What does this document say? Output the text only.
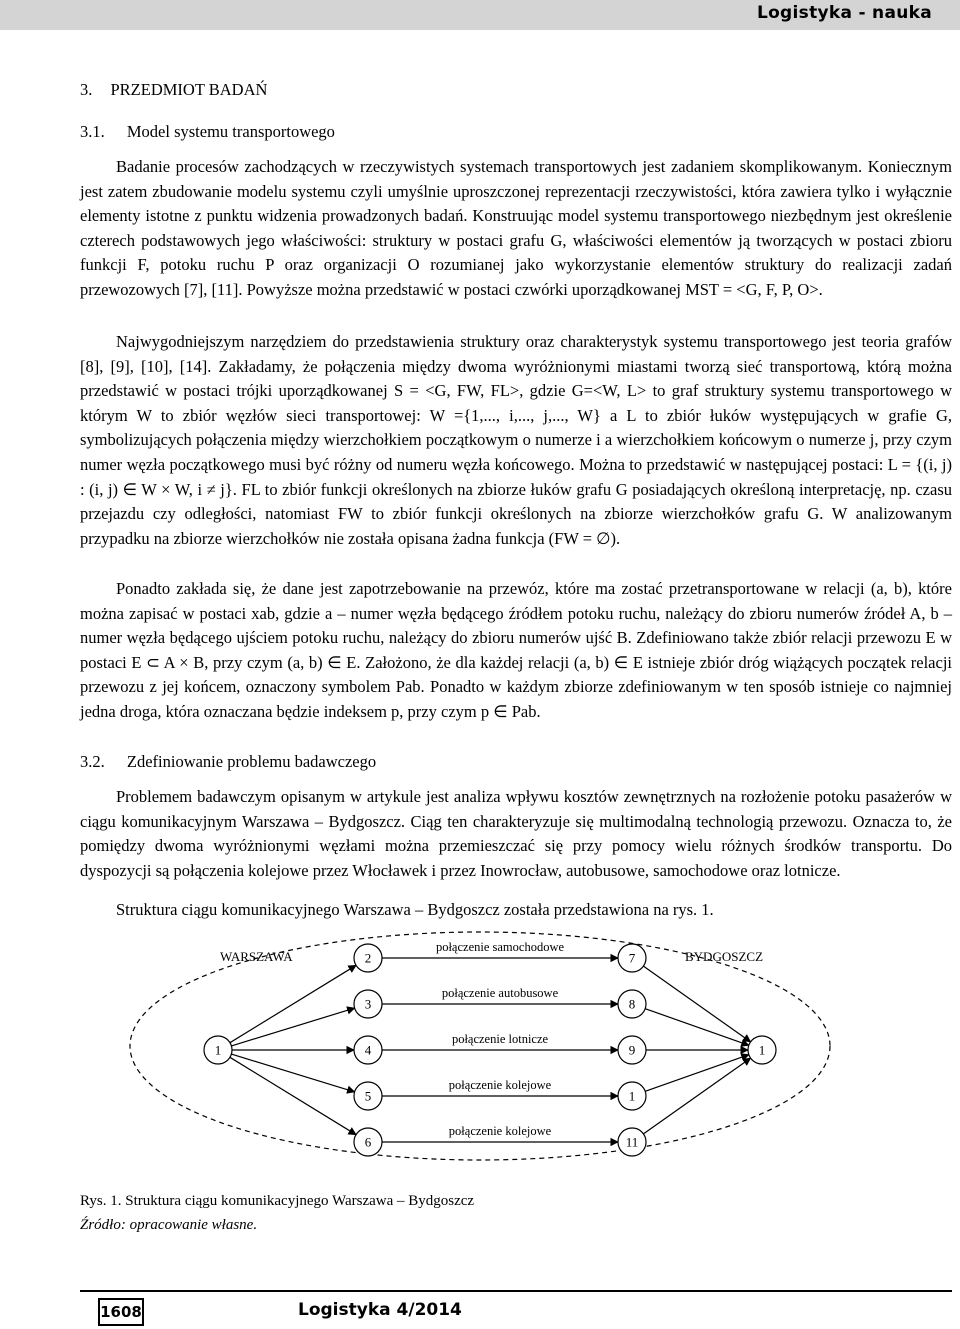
Logistyka - nauka
3. PRZEDMIOT BADAŃ
3.1. Model systemu transportowego

Badanie procesów zachodzących w rzeczywistych systemach transportowych jest zadaniem skomplikowanym. Koniecznym jest zatem zbudowanie modelu systemu czyli umyślnie uproszczonej reprezentacji rzeczywistości, która zawiera tylko i wyłącznie elementy istotne z punktu widzenia prowadzonych badań. Konstruując model systemu transportowego niezbędnym jest określenie czterech podstawowych jego właściwości: struktury w postaci grafu G, właściwości elementów ją tworzących w postaci zbioru funkcji F, potoku ruchu P oraz organizacji O rozumianej jako wykorzystanie elementów struktury do realizacji zadań przewozowych [7], [11]. Powyższe można przedstawić w postaci czwórki uporządkowanej MST = <G, F, P, O>.

Najwygodniejszym narzędziem do przedstawienia struktury oraz charakterystyk systemu transportowego jest teoria grafów [8], [9], [10], [14]. Zakładamy, że połączenia między dwoma wyróżnionymi miastami tworzą sieć transportową, którą można przedstawić w postaci trójki uporządkowanej S = <G, FW, FL>, gdzie G=<W, L> to graf struktury systemu transportowego w którym W to zbiór węzłów sieci transportowej: W ={1,..., i,..., j,..., W} a L to zbiór łuków występujących w grafie G, symbolizujących połączenia między wierzchołkiem początkowym o numerze i a wierzchołkiem końcowym o numerze j, przy czym numer węzła początkowego musi być różny od numeru węzła końcowego. Można to przedstawić w następującej postaci: L = {(i, j) : (i, j) ∈ W × W, i ≠ j}. FL to zbiór funkcji określonych na zbiorze łuków grafu G posiadających określoną interpretację, np. czasu przejazdu czy odległości, natomiast FW to zbiór funkcji określonych na zbiorze wierzchołków grafu G. W analizowanym przypadku na zbiorze wierzchołków nie została opisana żadna funkcja (FW = ∅).

Ponadto zakłada się, że dane jest zapotrzebowanie na przewóz, które ma zostać przetransportowane w relacji (a, b), które można zapisać w postaci xab, gdzie a – numer węzła będącego źródłem potoku ruchu, należący do zbioru numerów źródeł A, b – numer węzła będącego ujściem potoku ruchu, należący do zbioru numerów ujść B. Zdefiniowano także zbiór relacji przewozu E w postaci E ⊂ A × B, przy czym (a, b) ∈ E. Założono, że dla każdej relacji (a, b) ∈ E istnieje zbiór dróg wiążących początek relacji przewozu z jej końcem, oznaczony symbolem Pab. Ponadto w każdym zbiorze zdefiniowanym w ten sposób istnieje co najmniej jedna droga, która oznaczana będzie indeksem p, przy czym p ∈ Pab.

3.2. Zdefiniowanie problemu badawczego

Problemem badawczym opisanym w artykule jest analiza wpływu kosztów zewnętrznych na rozłożenie potoku pasażerów w ciągu komunikacyjnym Warszawa – Bydgoszcz. Ciąg ten charakteryzuje się multimodalną technologią przewozu. Oznacza to, że pomiędzy dwoma wyróżnionymi węzłami można przemieszczać się przy pomocy wielu różnych środków transportu. Do dyspozycji są połączenia kolejowe przez Włocławek i przez Inowrocław, autobusowe, samochodowe oraz lotnicze.

Struktura ciągu komunikacyjnego Warszawa – Bydgoszcz została przedstawiona na rys. 1.

połączenie samochodowe
połączenie autobusowe
połączenie lotnicze
połączenie kolejowe
połączenie kolejowe
1	1
2	7
3	8
4	9
5	1
6	11
WARSZAWA	BYDGOSZCZ
Rys. 1. Struktura ciągu komunikacyjnego Warszawa – Bydgoszcz
Źródło: opracowanie własne.
1608	Logistyka 4/2014
